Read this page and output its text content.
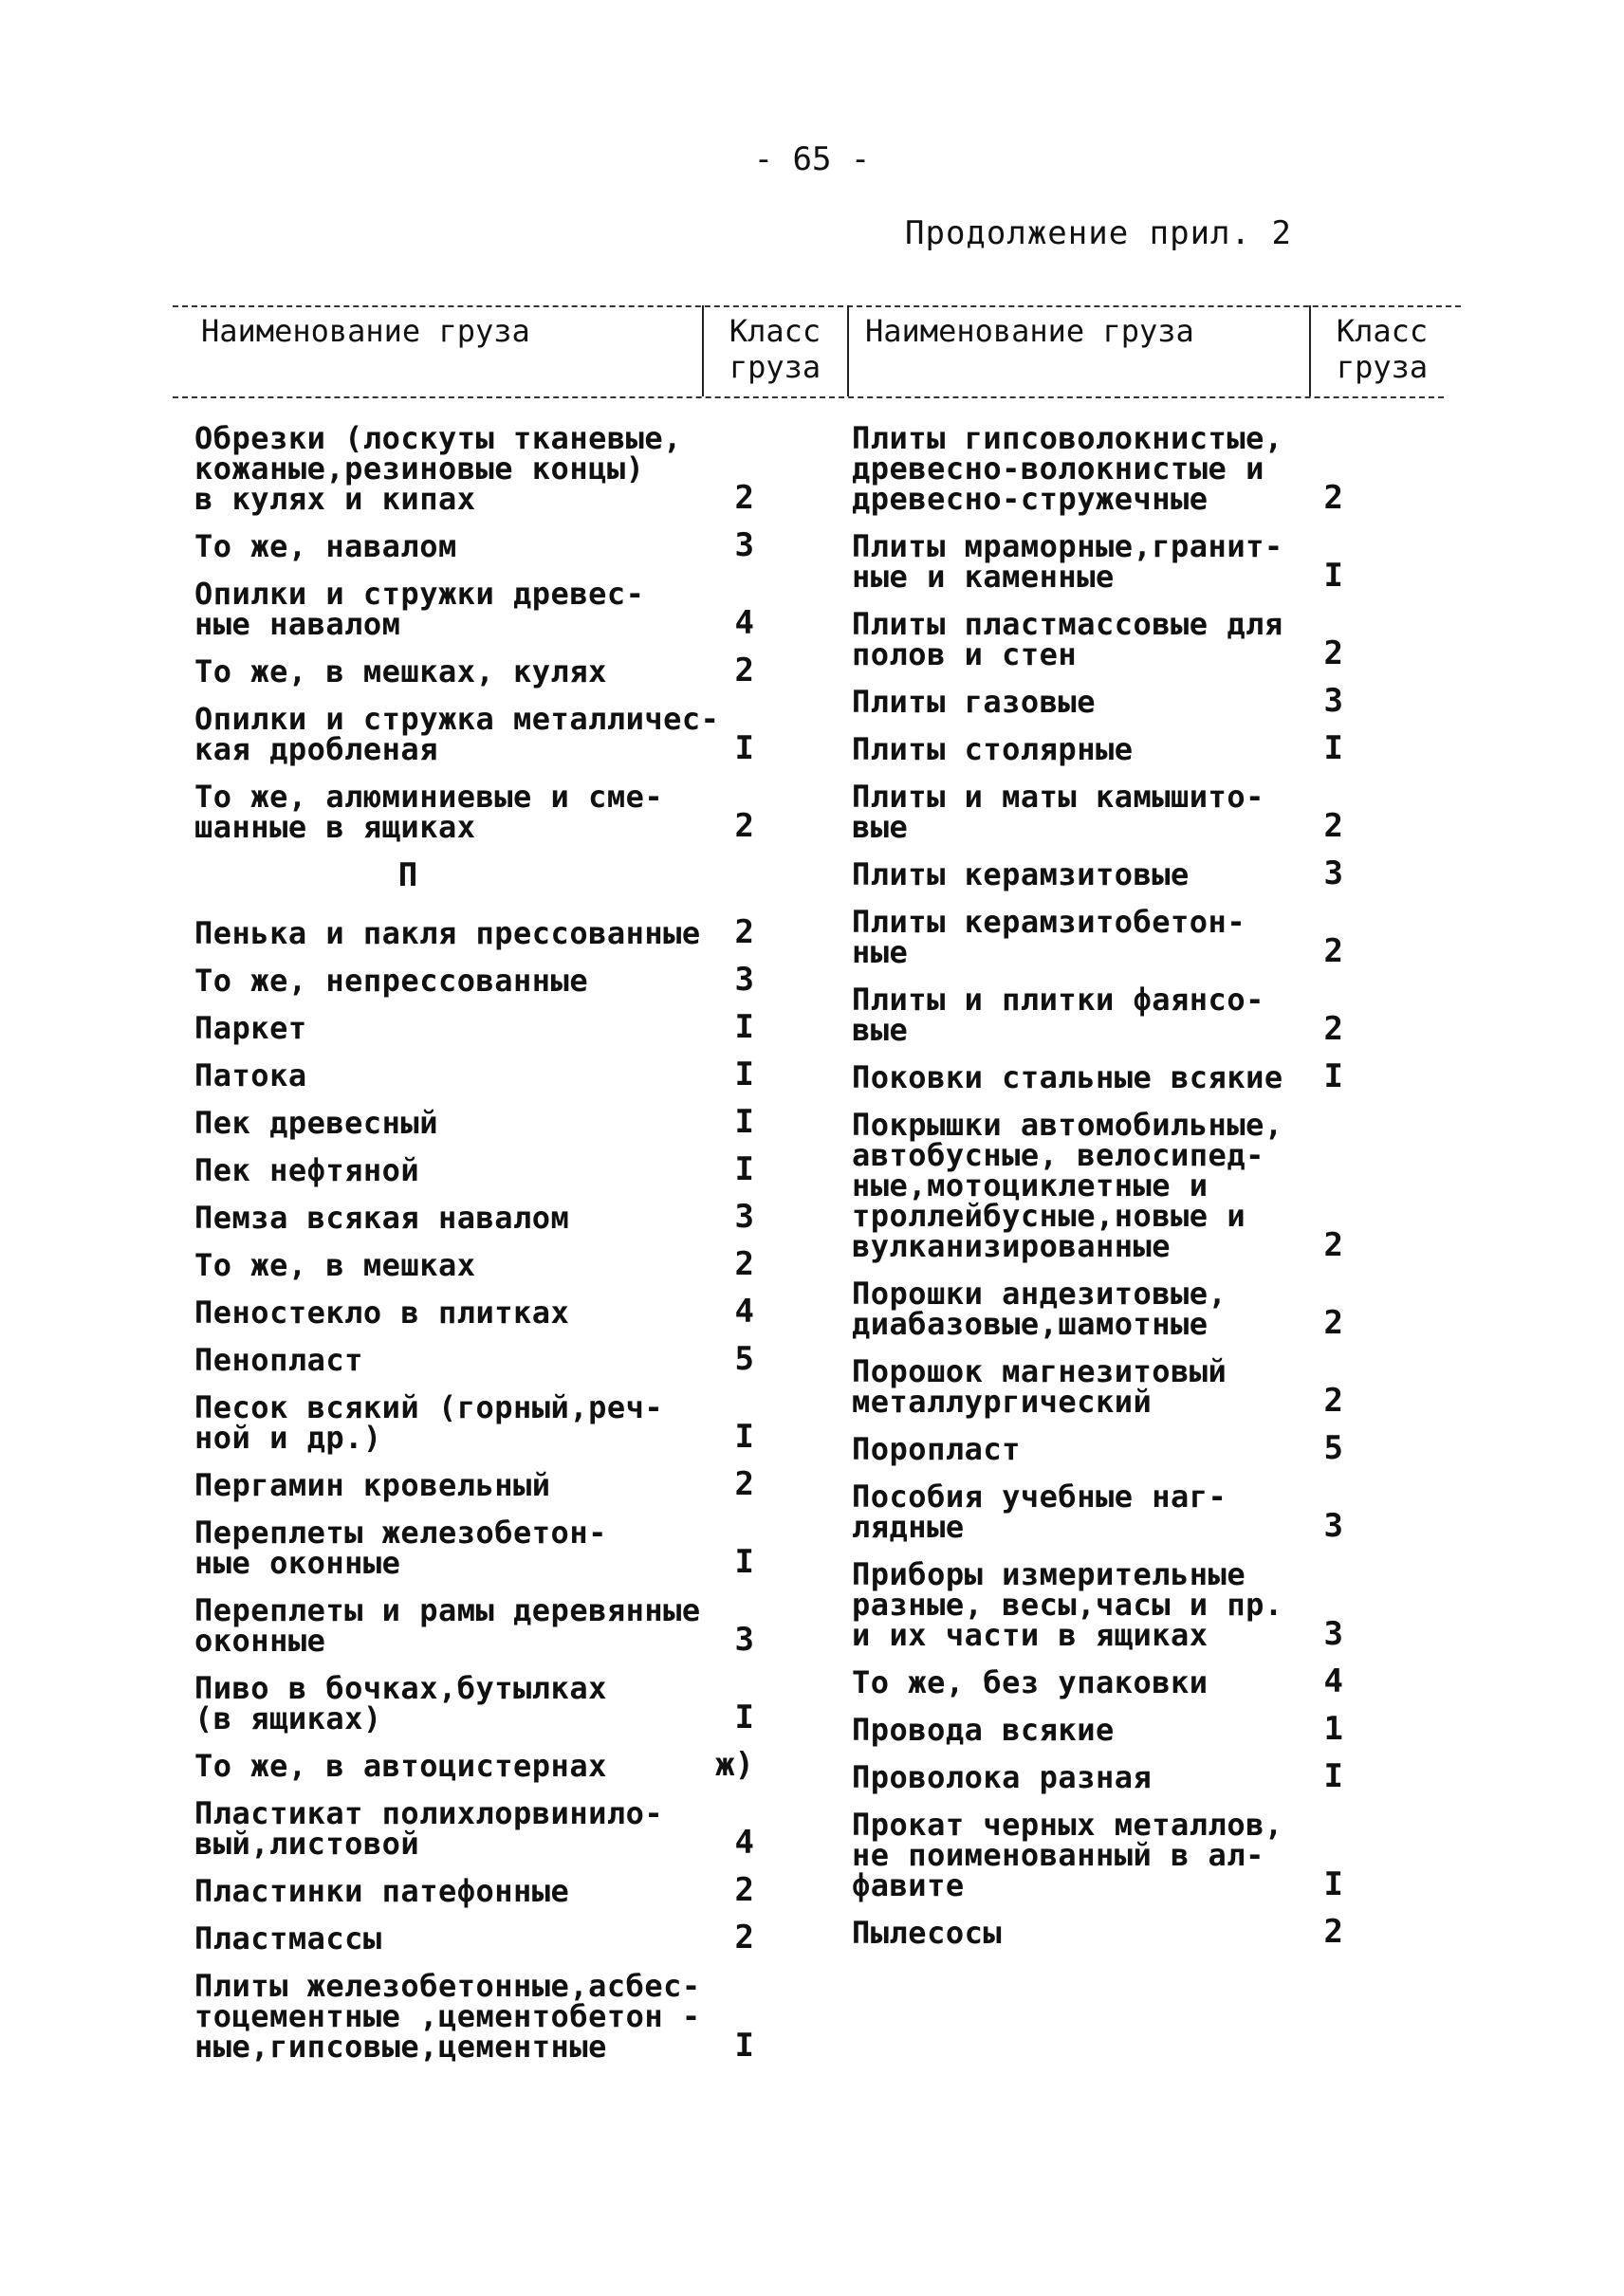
- 65 -
Продолжение прил. 2
Наименование груза	Класс
груза
Наименование груза	Класс
груза
Обрезки (лоскуты тканевые,
кожаные,резиновые концы)
в кулях и кипах	2
То же, навалом	3
Опилки и стружки древес-
ные навалом	4
То же, в мешках, кулях	2
Опилки и стружка металличес-
кая дробленая	I
То же, алюминиевые и сме-
шанные в ящиках	2
П
Пенька и пакля прессованные	2
То же, непрессованные	3
Паркет	I
Патока	I
Пек древесный	I
Пек нефтяной	I
Пемза всякая навалом	3
То же, в мешках	2
Пеностекло в плитках	4
Пенопласт	5
Песок всякий (горный,реч-
ной и др.)	I
Пергамин кровельный	2
Переплеты железобетон-
ные оконные	I
Переплеты и рамы деревянные
оконные	3
Пиво в бочках,бутылках
(в ящиках)	I
То же, в автоцистернах	ж)
Пластикат полихлорвинило-
вый,листовой	4
Пластинки патефонные	2
Пластмассы	2
Плиты железобетонные,асбес-
тоцементные ,цементобетон -
ные,гипсовые,цементные	I
Плиты гипсоволокнистые,
древесно-волокнистые и
древесно-стружечные	2
Плиты мраморные,гранит-
ные и каменные	I
Плиты пластмассовые для
полов и стен	2
Плиты газовые	3
Плиты столярные	I
Плиты и маты камышито-
вые	2
Плиты керамзитовые	3
Плиты керамзитобетон-
ные	2
Плиты и плитки фаянсо-
вые	2
Поковки стальные всякие	I
Покрышки автомобильные,
автобусные, велосипед-
ные,мотоциклетные и
троллейбусные,новые и
вулканизированные	2
Порошки андезитовые,
диабазовые,шамотные	2
Порошок магнезитовый
металлургический	2
Поропласт	5
Пособия учебные наг-
лядные	3
Приборы измерительные
разные, весы,часы и пр.
и их части в ящиках	3
То же, без упаковки	4
Провода всякие	1
Проволока разная	I
Прокат черных металлов,
не поименованный в ал-
фавите	I
Пылесосы	2
